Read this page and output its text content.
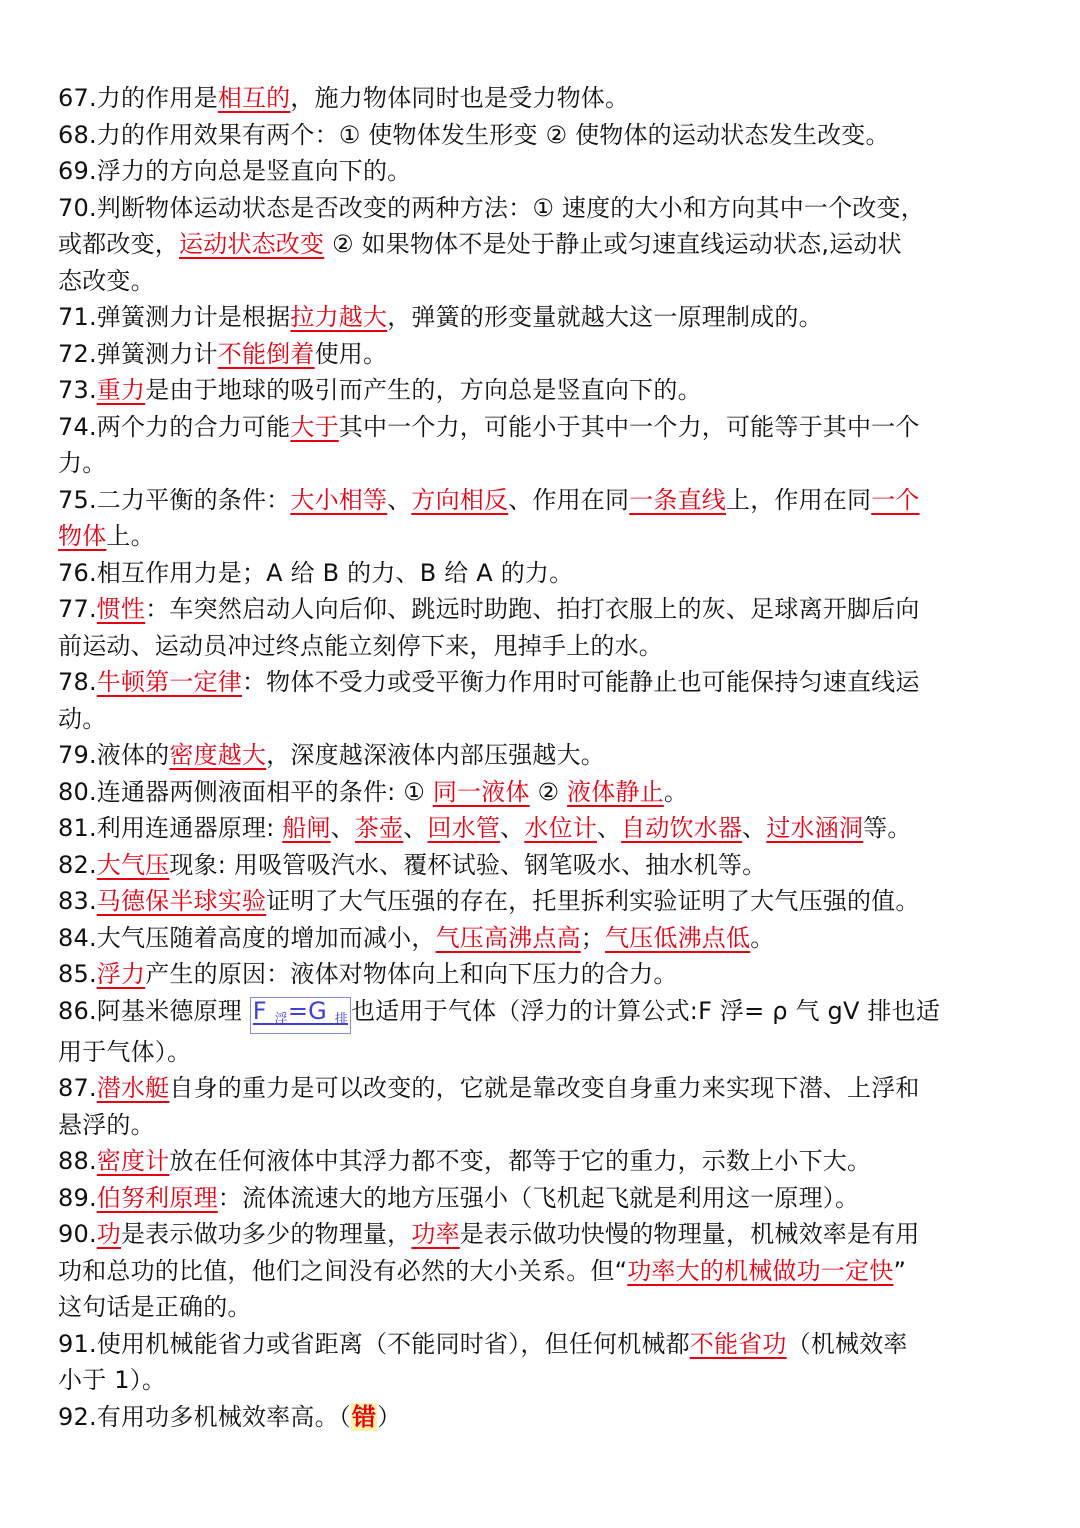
67.力的作用是相互的，施力物体同时也是受力物体。
68.力的作用效果有两个：① 使物体发生形变 ② 使物体的运动状态发生改变。
69.浮力的方向总是竖直向下的。
70.判断物体运动状态是否改变的两种方法：① 速度的大小和方向其中一个改变，
或都改变，运动状态改变 ② 如果物体不是处于静止或匀速直线运动状态,运动状
态改变。
71.弹簧测力计是根据拉力越大，弹簧的形变量就越大这一原理制成的。
72.弹簧测力计不能倒着使用。
73.重力是由于地球的吸引而产生的，方向总是竖直向下的。
74.两个力的合力可能大于其中一个力，可能小于其中一个力，可能等于其中一个
力。
75.二力平衡的条件：大小相等、方向相反、作用在同一条直线上，作用在同一个
物体上。
76.相互作用力是；A 给 B 的力、B 给 A 的力。
77.惯性：车突然启动人向后仰、跳远时助跑、拍打衣服上的灰、足球离开脚后向
前运动、运动员冲过终点能立刻停下来，甩掉手上的水。
78.牛顿第一定律：物体不受力或受平衡力作用时可能静止也可能保持匀速直线运
动。
79.液体的密度越大，深度越深液体内部压强越大。
80.连通器两侧液面相平的条件: ① 同一液体 ② 液体静止。
81.利用连通器原理: 船闸、茶壶、回水管、水位计、自动饮水器、过水涵洞等。
82.大气压现象: 用吸管吸汽水、覆杯试验、钢笔吸水、抽水机等。
83.马德保半球实验证明了大气压强的存在，托里拆利实验证明了大气压强的值。
84.大气压随着高度的增加而减小，气压高沸点高；气压低沸点低。
85.浮力产生的原因：液体对物体向上和向下压力的合力。
86.阿基米德原理 F $_浮$=G $_排$ 也适用于气体（浮力的计算公式:F 浮= ρ 气 gV 排也适
用于气体）。
87.潜水艇自身的重力是可以改变的，它就是靠改变自身重力来实现下潜、上浮和
悬浮的。
88.密度计放在任何液体中其浮力都不变，都等于它的重力，示数上小下大。
89.伯努利原理：流体流速大的地方压强小（飞机起飞就是利用这一原理）。
90.功是表示做功多少的物理量，功率是表示做功快慢的物理量，机械效率是有用
功和总功的比值，他们之间没有必然的大小关系。但“功率大的机械做功一定快”
这句话是正确的。
91.使用机械能省力或省距离（不能同时省），但任何机械都不能省功（机械效率
小于 1）。
92.有用功多机械效率高。（错）
